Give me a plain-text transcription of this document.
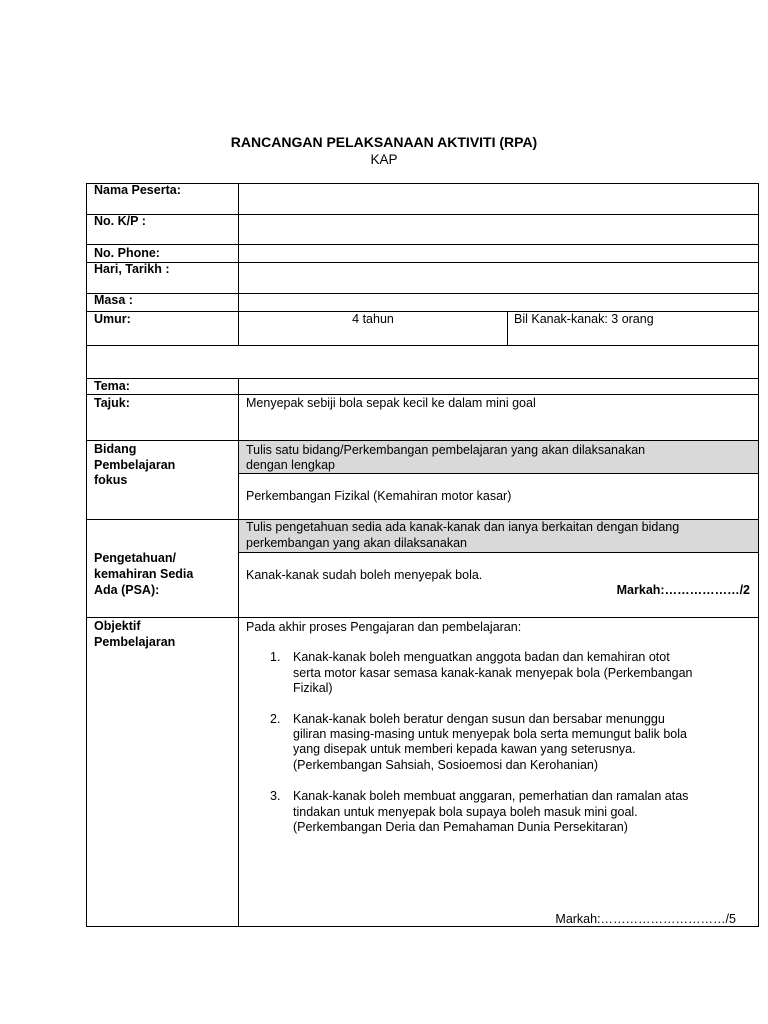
RANCANGAN PELAKSANAAN AKTIVITI (RPA)
KAP
Nama Peserta:
No. K/P :
No. Phone:
Hari, Tarikh :
Masa :
Umur:
Tema:
Tajuk:
Bidang
Pembelajaran
fokus
Pengetahuan/
kemahiran Sedia
Ada (PSA):
Objektif
Pembelajaran
4 tahun	Bil Kanak-kanak: 3 orang
Menyepak sebiji bola sepak kecil ke dalam mini goal
Tulis satu bidang/Perkembangan pembelajaran yang akan dilaksanakan
dengan lengkap
Perkembangan Fizikal (Kemahiran motor kasar)
Tulis pengetahuan sedia ada kanak-kanak dan ianya berkaitan dengan bidang
perkembangan yang akan dilaksanakan
Kanak-kanak sudah boleh menyepak bola.
Markah:………………/2
Pada akhir proses Pengajaran dan pembelajaran:
1. Kanak-kanak boleh menguatkan anggota badan dan kemahiran otot
serta motor kasar semasa kanak-kanak menyepak bola (Perkembangan
Fizikal)
2. Kanak-kanak boleh beratur dengan susun dan bersabar menunggu
giliran masing-masing untuk menyepak bola serta memungut balik bola
yang disepak untuk memberi kepada kawan yang seterusnya.
(Perkembangan Sahsiah, Sosioemosi dan Kerohanian)
3. Kanak-kanak boleh membuat anggaran, pemerhatian dan ramalan atas
tindakan untuk menyepak bola supaya boleh masuk mini goal.
(Perkembangan Deria dan Pemahaman Dunia Persekitaran)
Markah:…………………………/5
